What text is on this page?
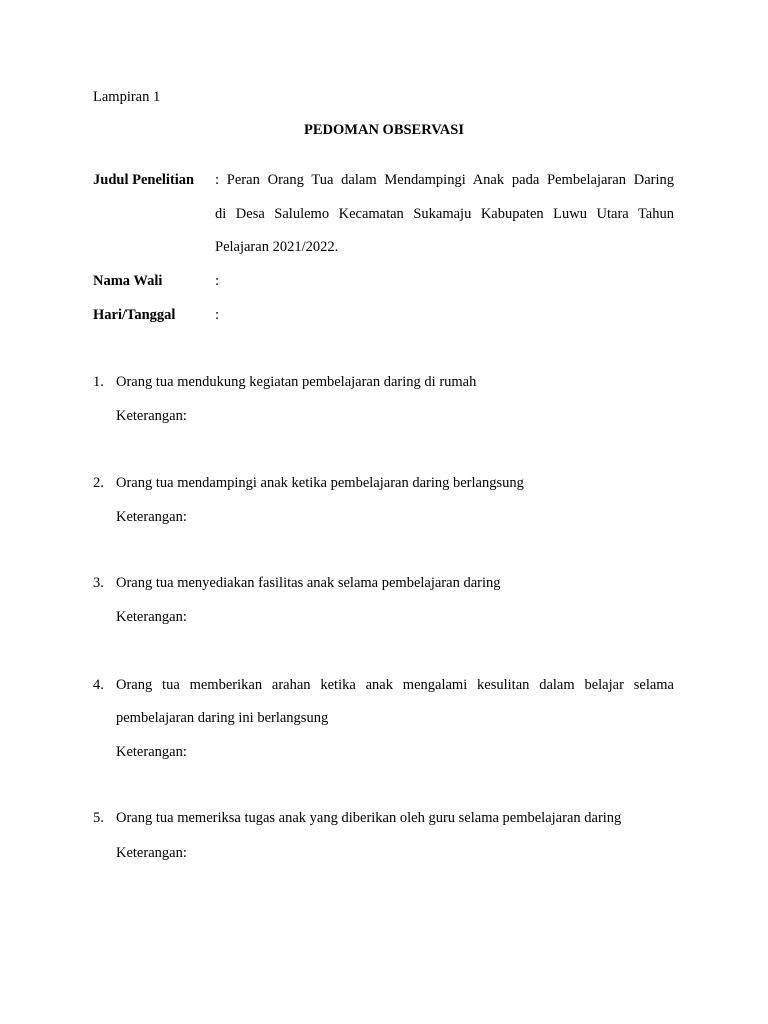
Lampiran 1
PEDOMAN OBSERVASI
Judul Penelitian : Peran Orang Tua dalam Mendampingi Anak pada Pembelajaran Daring
di Desa Salulemo Kecamatan Sukamaju Kabupaten Luwu Utara Tahun
Pelajaran 2021/2022.
Nama Wali	:
Hari/Tanggal	:
1. Orang tua mendukung kegiatan pembelajaran daring di rumah
Keterangan:
2. Orang tua mendampingi anak ketika pembelajaran daring berlangsung
Keterangan:
3. Orang tua menyediakan fasilitas anak selama pembelajaran daring
Keterangan:
4. Orang tua memberikan arahan ketika anak mengalami kesulitan dalam belajar selama
pembelajaran daring ini berlangsung
Keterangan:
5. Orang tua memeriksa tugas anak yang diberikan oleh guru selama pembelajaran daring
Keterangan:
